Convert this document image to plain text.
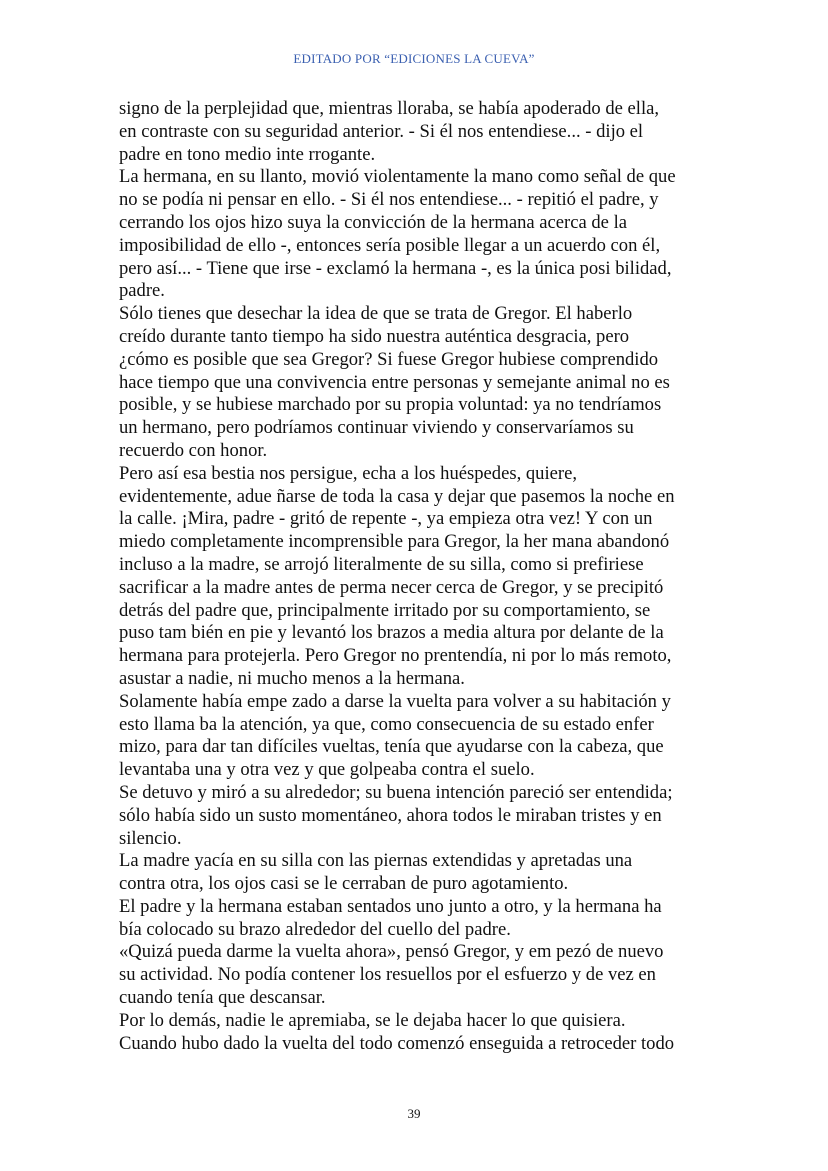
EDITADO POR “EDICIONES LA CUEVA”
signo de la perplejidad que, mientras lloraba, se había apoderado de ella,
en contraste con su seguridad anterior. - Si él nos entendiese... - dijo el
padre en tono medio inte rrogante.
La hermana, en su llanto, movió violentamente la mano como señal de que
no se podía ni pensar en ello. - Si él nos entendiese... - repitió el padre, y
cerrando los ojos hizo suya la convicción de la hermana acerca de la
imposibilidad de ello -, entonces sería posible llegar a un acuerdo con él,
pero así... - Tiene que irse - exclamó la hermana -, es la única posi bilidad,
padre.
Sólo tienes que desechar la idea de que se trata de Gregor. El haberlo
creído durante tanto tiempo ha sido nuestra auténtica desgracia, pero
¿cómo es posible que sea Gregor? Si fuese Gregor hubiese comprendido
hace tiempo que una convivencia entre personas y semejante animal no es
posible, y se hubiese marchado por su propia voluntad: ya no tendríamos
un hermano, pero podríamos continuar viviendo y conservaríamos su
recuerdo con honor.
Pero así esa bestia nos persigue, echa a los huéspedes, quiere,
evidentemente, adue ñarse de toda la casa y dejar que pasemos la noche en
la calle. ¡Mira, padre - gritó de repente -, ya empieza otra vez! Y con un
miedo completamente incomprensible para Gregor, la her mana abandonó
incluso a la madre, se arrojó literalmente de su silla, como si prefiriese
sacrificar a la madre antes de perma necer cerca de Gregor, y se precipitó
detrás del padre que, principalmente irritado por su comportamiento, se
puso tam bién en pie y levantó los brazos a media altura por delante de la
hermana para protejerla. Pero Gregor no prentendía, ni por lo más remoto,
asustar a nadie, ni mucho menos a la hermana.
Solamente había empe zado a darse la vuelta para volver a su habitación y
esto llama ba la atención, ya que, como consecuencia de su estado enfer
mizo, para dar tan difíciles vueltas, tenía que ayudarse con la cabeza, que
levantaba una y otra vez y que golpeaba contra el suelo.
Se detuvo y miró a su alrededor; su buena intención pareció ser entendida;
sólo había sido un susto momentáneo, ahora todos le miraban tristes y en
silencio.
La madre yacía en su silla con las piernas extendidas y apretadas una
contra otra, los ojos casi se le cerraban de puro agotamiento.
El padre y la hermana estaban sentados uno junto a otro, y la hermana ha
bía colocado su brazo alrededor del cuello del padre.
«Quizá pueda darme la vuelta ahora», pensó Gregor, y em pezó de nuevo
su actividad. No podía contener los resuellos por el esfuerzo y de vez en
cuando tenía que descansar.
Por lo demás, nadie le apremiaba, se le dejaba hacer lo que quisiera.
Cuando hubo dado la vuelta del todo comenzó enseguida a retroceder todo
39
